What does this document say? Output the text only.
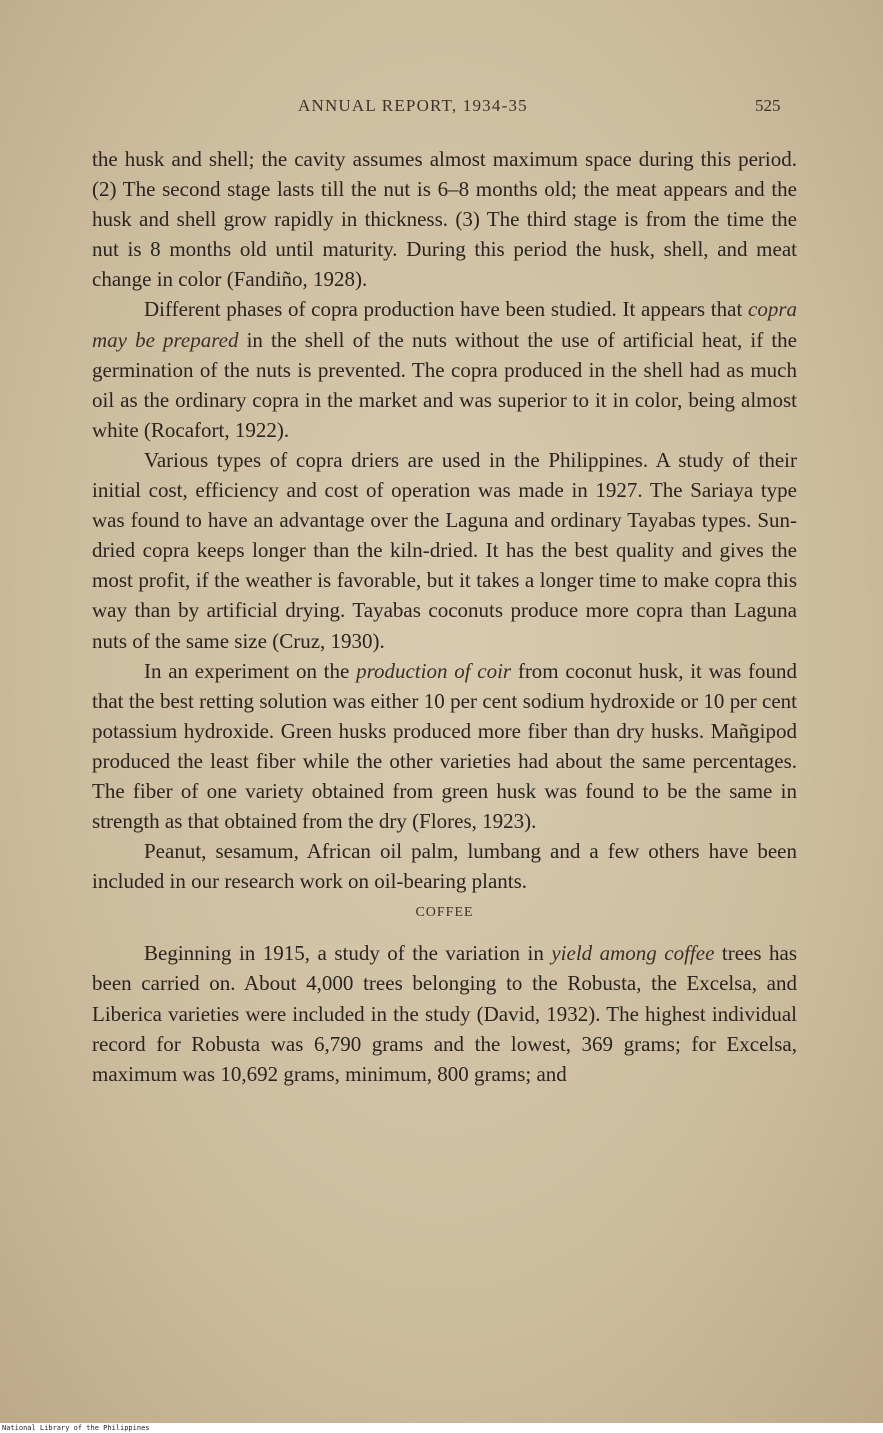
ANNUAL REPORT, 1934-35	525

the husk and shell; the cavity assumes almost maximum space during this period. (2) The second stage lasts till the nut is 6–8 months old; the meat appears and the husk and shell grow rapidly in thickness. (3) The third stage is from the time the nut is 8 months old until maturity. During this period the husk, shell, and meat change in color (Fandiño, 1928).

Different phases of copra production have been studied. It appears that copra may be prepared in the shell of the nuts without the use of artificial heat, if the germination of the nuts is prevented. The copra produced in the shell had as much oil as the ordinary copra in the market and was superior to it in color, being almost white (Rocafort, 1922).

Various types of copra driers are used in the Philippines. A study of their initial cost, efficiency and cost of operation was made in 1927. The Sariaya type was found to have an advantage over the Laguna and ordinary Tayabas types. Sun-dried copra keeps longer than the kiln-dried. It has the best quality and gives the most profit, if the weather is favorable, but it takes a longer time to make copra this way than by artificial drying. Tayabas coconuts produce more copra than Laguna nuts of the same size (Cruz, 1930).

In an experiment on the production of coir from coconut husk, it was found that the best retting solution was either 10 per cent sodium hydroxide or 10 per cent potassium hydroxide. Green husks produced more fiber than dry husks. Mañgipod produced the least fiber while the other varieties had about the same percentages. The fiber of one variety obtained from green husk was found to be the same in strength as that obtained from the dry (Flores, 1923).

Peanut, sesamum, African oil palm, lumbang and a few others have been included in our research work on oil-bearing plants.

COFFEE

Beginning in 1915, a study of the variation in yield among coffee trees has been carried on. About 4,000 trees belonging to the Robusta, the Excelsa, and Liberica varieties were included in the study (David, 1932). The highest individual record for Robusta was 6,790 grams and the lowest, 369 grams; for Excelsa, maximum was 10,692 grams, minimum, 800 grams; and

National Library of the Philippines
